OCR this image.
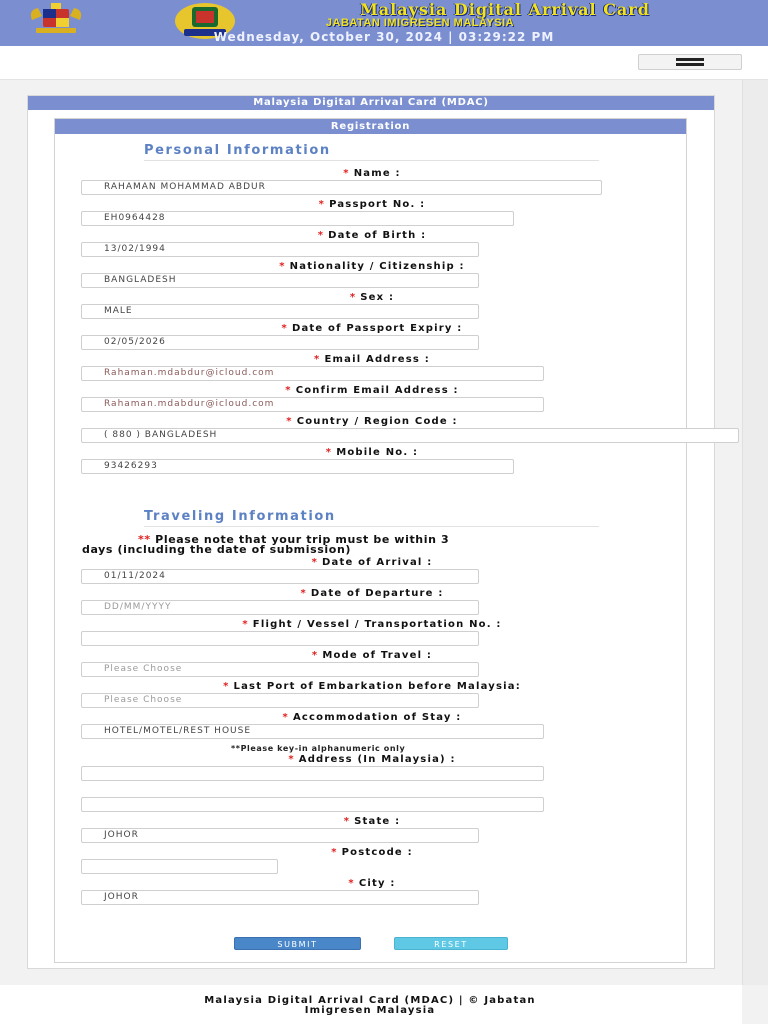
Malaysia Digital Arrival Card
JABATAN IMIGRESEN MALAYSIA
Wednesday, October 30, 2024 | 03:29:22 PM
Malaysia Digital Arrival Card (MDAC)
Registration
Personal Information
* Name :
RAHAMAN MOHAMMAD ABDUR
* Passport No. :
EH0964428
* Date of Birth :
13/02/1994
* Nationality / Citizenship :
BANGLADESH
* Sex :
MALE
* Date of Passport Expiry :
02/05/2026
* Email Address :
Rahaman.mdabdur@icloud.com
* Confirm Email Address :
Rahaman.mdabdur@icloud.com
* Country / Region Code :
( 880 ) BANGLADESH
* Mobile No. :
93426293
Traveling Information
** Please note that your trip must be within 3
days (including the date of submission)
* Date of Arrival :
01/11/2024
* Date of Departure :
DD/MM/YYYY
* Flight / Vessel / Transportation No. :
* Mode of Travel :
Please Choose
* Last Port of Embarkation before Malaysia:
Please Choose
* Accommodation of Stay :
HOTEL/MOTEL/REST HOUSE
**Please key-in alphanumeric only
* Address (In Malaysia) :
* State :
JOHOR
* Postcode :
* City :
JOHOR
SUBMIT	RESET
Malaysia Digital Arrival Card (MDAC) | © Jabatan
Imigresen Malaysia
